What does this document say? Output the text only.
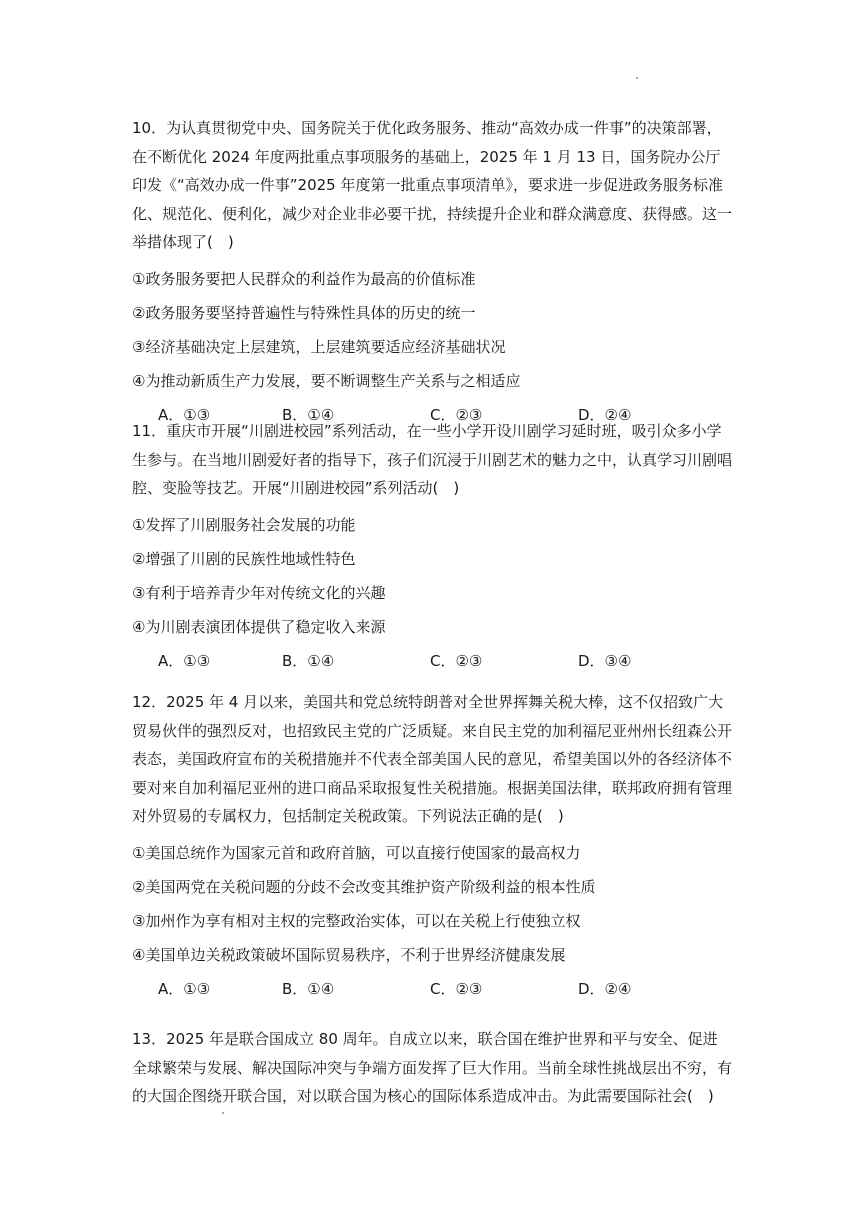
10．为认真贯彻党中央、国务院关于优化政务服务、推动“高效办成一件事”的决策部署，在不断优化 2024 年度两批重点事项服务的基础上，2025 年 1 月 13 日，国务院办公厅印发《“高效办成一件事”2025 年度第一批重点事项清单》，要求进一步促进政务服务标准化、规范化、便利化，减少对企业非必要干扰，持续提升企业和群众满意度、获得感。这一举措体现了(　)

①政务服务要把人民群众的利益作为最高的价值标准

②政务服务要坚持普遍性与特殊性具体的历史的统一

③经济基础决定上层建筑，上层建筑要适应经济基础状况

④为推动新质生产力发展，要不断调整生产关系与之相适应

A．①③	B．①④	C．②③	D．②④

11．重庆市开展“川剧进校园”系列活动，在一些小学开设川剧学习延时班，吸引众多小学生参与。在当地川剧爱好者的指导下，孩子们沉浸于川剧艺术的魅力之中，认真学习川剧唱腔、变脸等技艺。开展“川剧进校园”系列活动(　)

①发挥了川剧服务社会发展的功能

②增强了川剧的民族性地域性特色

③有利于培养青少年对传统文化的兴趣

④为川剧表演团体提供了稳定收入来源

A．①③	B．①④	C．②③	D．③④

12．2025 年 4 月以来，美国共和党总统特朗普对全世界挥舞关税大棒，这不仅招致广大贸易伙伴的强烈反对，也招致民主党的广泛质疑。来自民主党的加利福尼亚州州长纽森公开表态，美国政府宣布的关税措施并不代表全部美国人民的意见，希望美国以外的各经济体不要对来自加利福尼亚州的进口商品采取报复性关税措施。根据美国法律，联邦政府拥有管理对外贸易的专属权力，包括制定关税政策。下列说法正确的是(　)

①美国总统作为国家元首和政府首脑，可以直接行使国家的最高权力

②美国两党在关税问题的分歧不会改变其维护资产阶级利益的根本性质

③加州作为享有相对主权的完整政治实体，可以在关税上行使独立权

④美国单边关税政策破坏国际贸易秩序，不利于世界经济健康发展

A．①③	B．①④	C．②③	D．②④

13．2025 年是联合国成立 80 周年。自成立以来，联合国在维护世界和平与安全、促进全球繁荣与发展、解决国际冲突与争端方面发挥了巨大作用。当前全球性挑战层出不穷，有的大国企图绕开联合国，对以联合国为核心的国际体系造成冲击。为此需要国际社会(　)
